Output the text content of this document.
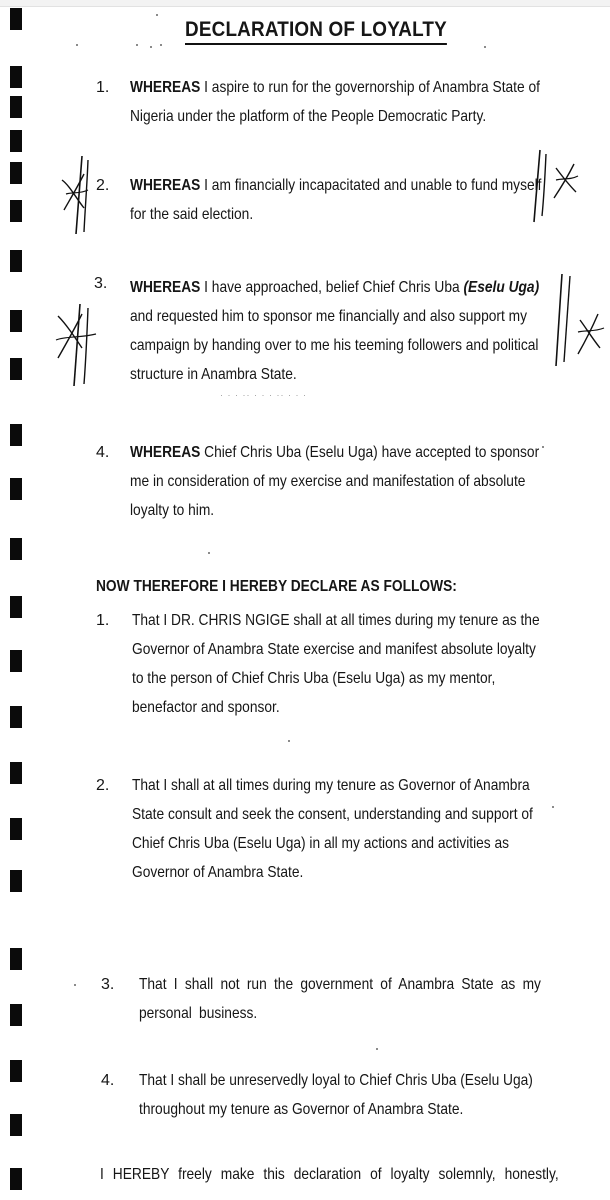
· · · ·· · · · ·· · · ·
DECLARATION OF LOYALTY
1.	WHEREAS I aspire to run for the governorship of Anambra State of
Nigeria under the platform of the People Democratic Party.
2.	WHEREAS I am financially incapacitated and unable to fund myself
for the said election.
3.	WHEREAS I have approached, belief Chief Chris Uba (Eselu Uga)
and requested him to sponsor me financially and also support my
campaign by handing over to me his teeming followers and political
structure in Anambra State.
4.	WHEREAS Chief Chris Uba (Eselu Uga) have accepted to sponsor
me in consideration of my exercise and manifestation of absolute
loyalty to him.
NOW THEREFORE I HEREBY DECLARE AS FOLLOWS:
1.	That I DR. CHRIS NGIGE shall at all times during my tenure as the
Governor of Anambra State exercise and manifest absolute loyalty
to the person of Chief Chris Uba (Eselu Uga) as my mentor,
benefactor and sponsor.
2.	That I shall at all times during my tenure as Governor of Anambra
State consult and seek the consent, understanding and support of
Chief Chris Uba (Eselu Uga) in all my actions and activities as
Governor of Anambra State.
3.	That I shall not run the government of Anambra State as my
personal business.
4.	That I shall be unreservedly loyal to Chief Chris Uba (Eselu Uga)
throughout my tenure as Governor of Anambra State.
I HEREBY freely make this declaration of loyalty solemnly, honestly,
